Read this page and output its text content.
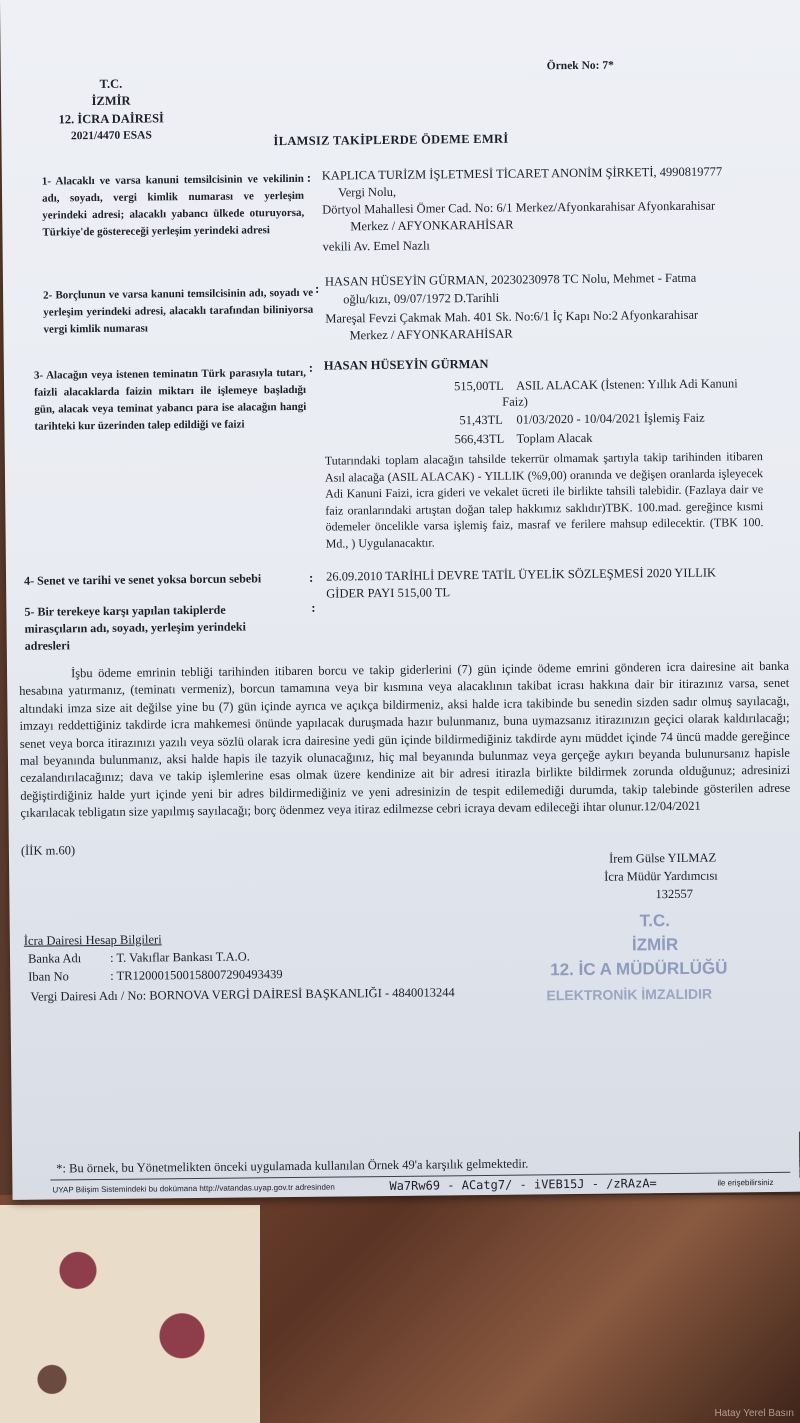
Hatay Yerel Basın
Örnek No: 7*
T.C.
İZMİR
12. İCRA DAİRESİ
2021/4470 ESAS	İLAMSIZ TAKİPLERDE ÖDEME EMRİ
1- Alacaklı ve varsa kanuni temsilcisinin ve vekilinin adı, soyadı, vergi kimlik numarası ve yerleşim yerindeki adresi; alacaklı yabancı ülkede oturuyorsa, Türkiye'de göstereceği yerleşim yerindeki adresi
: KAPLICA TURİZM İŞLETMESİ TİCARET ANONİM ŞİRKETİ, 4990819777
Vergi Nolu,
Dörtyol Mahallesi Ömer Cad. No: 6/1 Merkez/Afyonkarahisar Afyonkarahisar
Merkez / AFYONKARAHİSAR
vekili Av. Emel Nazlı
2- Borçlunun ve varsa kanuni temsilcisinin adı, soyadı ve yerleşim yerindeki adresi, alacaklı tarafından biliniyorsa vergi kimlik numarası
:
HASAN HÜSEYİN GÜRMAN, 20230230978 TC Nolu, Mehmet - Fatma
oğlu/kızı, 09/07/1972 D.Tarihli
Mareşal Fevzi Çakmak Mah. 401 Sk. No:6/1 İç Kapı No:2 Afyonkarahisar
Merkez / AFYONKARAHİSAR
3- Alacağın veya istenen teminatın Türk parasıyla tutarı, faizli alacaklarda faizin miktarı ile işlemeye başladığı gün, alacak veya teminat yabancı para ise alacağın hangi tarihteki kur üzerinden talep edildiği ve faizi
: HASAN HÜSEYİN GÜRMAN
515,00TL ASIL ALACAK (İstenen: Yıllık Adi Kanuni
Faiz)
51,43TL 01/03/2020 - 10/04/2021 İşlemiş Faiz
566,43TL Toplam Alacak
Tutarındaki toplam alacağın tahsilde tekerrür olmamak şartıyla takip tarihinden itibaren Asıl alacağa (ASIL ALACAK) - YILLIK (%9,00) oranında ve değişen oranlarda işleyecek Adi Kanuni Faizi, icra gideri ve vekalet ücreti ile birlikte tahsili talebidir. (Fazlaya dair ve faiz oranlarındaki artıştan doğan talep hakkımız saklıdır)TBK. 100.mad. gereğince kısmi ödemeler öncelikle varsa işlemiş faiz, masraf ve ferilere mahsup edilecektir. (TBK 100. Md., ) Uygulanacaktır.
4- Senet ve tarihi ve senet yoksa borcun sebebi	: 26.09.2010 TARİHLİ DEVRE TATİL ÜYELİK SÖZLEŞMESİ 2020 YILLIK
GİDER PAYI 515,00 TL
5- Bir terekeye karşı yapılan takiplerde mirasçıların adı, soyadı, yerleşim yerindeki adresleri
:
İşbu ödeme emrinin tebliği tarihinden itibaren borcu ve takip giderlerini (7) gün içinde ödeme emrini gönderen icra dairesine ait banka hesabına yatırmanız, (teminatı vermeniz), borcun tamamına veya bir kısmına veya alacaklının takibat icrası hakkına dair bir itirazınız varsa, senet altındaki imza size ait değilse yine bu (7) gün içinde ayrıca ve açıkça bildirmeniz, aksi halde icra takibinde bu senedin sizden sadır olmuş sayılacağı, imzayı reddettiğiniz takdirde icra mahkemesi önünde yapılacak duruşmada hazır bulunmanız, buna uymazsanız itirazınızın geçici olarak kaldırılacağı; senet veya borca itirazınızı yazılı veya sözlü olarak icra dairesine yedi gün içinde bildirmediğiniz takdirde aynı müddet içinde 74 üncü madde gereğince mal beyanında bulunmanız, aksi halde hapis ile tazyik olunacağınız, hiç mal beyanında bulunmaz veya gerçeğe aykırı beyanda bulunursanız hapisle cezalandırılacağınız; dava ve takip işlemlerine esas olmak üzere kendinize ait bir adresi itirazla birlikte bildirmek zorunda olduğunuz; adresinizi değiştirdiğiniz halde yurt içinde yeni bir adres bildirmediğiniz ve yeni adresinizin de tespit edilemediği durumda, takip talebinde gösterilen adrese çıkarılacak tebligatın size yapılmış sayılacağı; borç ödenmez veya itiraz edilmezse cebri icraya devam edileceği ihtar olunur.12/04/2021
(İİK m.60)
İrem Gülse YILMAZ
İcra Müdür Yardımcısı
132557
T.C.
İZMİR
12. İC A MÜDÜRLÜĞÜ
ELEKTRONİK İMZALIDIR
İcra Dairesi Hesap Bilgileri
Banka Adı : T. Vakıflar Bankası T.A.O.
Iban No	: TR120001500158007290493439
Vergi Dairesi Adı / No: BORNOVA VERGİ DAİRESİ BAŞKANLIĞI - 4840013244
*: Bu örnek, bu Yönetmelikten önceki uygulamada kullanılan Örnek 49'a karşılık gelmektedir.
UYAP Bilişim Sistemindeki bu dokümana http://vatandas.uyap.gov.tr adresinden	Wa7Rw69 - ACatg7/ - iVEB15J - /zRAzA=	ile erişebilirsiniz
